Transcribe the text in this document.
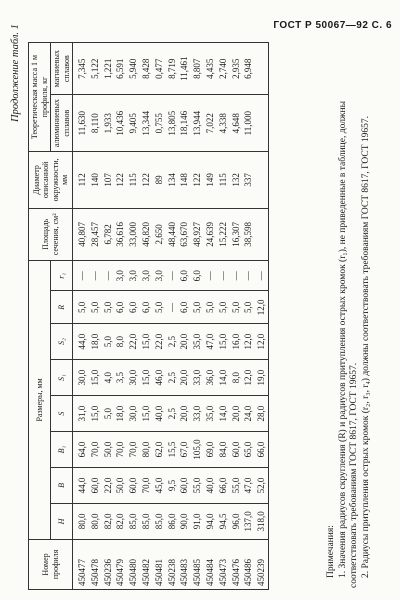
ГОСТ Р 50067—92 С. 6
Продолжение табл. 1
Номер профиля	Размеры, мм								Площадь сечения, см²	Диаметр описанной окружности, мм	Теоретическая масса 1 м профиля, кг	
	H	B	B₁	S	S₁	S₂	R	r₁			алюминиевых сплавов	магниевых сплавов
450477	80,0	44,0	64,0	31,0	30,0	44,0	5,0	—	40,807	112	11,630	7,345
450478	80,0	60,0	70,0	15,0	15,0	18,0	5,0	—	28,457	140	8,110	5,122
450236	82,0	22,0	50,0	5,0	4,0	5,0	5,0	—	6,782	107	1,933	1,221
450479	82,0	50,0	70,0	18,0	3,5	8,0	6,0	3,0	36,616	122	10,436	6,591
450480	85,0	60,0	70,0	30,0	30,0	22,0	6,0	3,0	33,000	115	9,405	5,940
450482	85,0	70,0	80,0	15,0	15,0	15,0	6,0	3,0	46,820	122	13,344	8,428
450481	85,0	45,0	62,0	40,0	46,0	22,0	5,0	3,0	2,650	89	0,755	0,477
450238	86,0	9,5	15,5	2,5	2,5	2,5	—	—	48,440	134	13,805	8,719
450483	90,0	60,0	67,0	20,0	20,0	20,0	6,0	6,0	63,670	148	18,146	11,461
450485	91,0	55,0	105,0	33,0	33,0	35,0	5,0	6,0	48,927	122	13,944	8,807
450484	94,0	40,0	69,0	35,0	36,0	47,0	5,0	—	24,639	149	7,022	4,435
450473	94,5	66,0	84,0	14,0	14,0	15,0	5,0	—	15,222	115	4,338	2,740
450476	96,0	55,0	60,0	20,0	8,0	16,0	5,0	—	16,307	132	4,648	2,935
450486	137,0	47,0	65,0	24,0	12,0	12,0	5,0	—	38,598	337	11,000	6,948
450239	318,0	52,0	66,0	28,0	19,0	12,0	12,0	—				

Примечания: 1. Значения радиусов скругления (R) и радиусов притупления острых кромок (r₁), не приведенные в таблице, должны соответствовать требованиям ГОСТ 8617, ГОСТ 19657. 2. Радиусы притупления острых кромок (r₂, r₃, r₄) должны соответствовать требованиям ГОСТ 8617, ГОСТ 19657.
